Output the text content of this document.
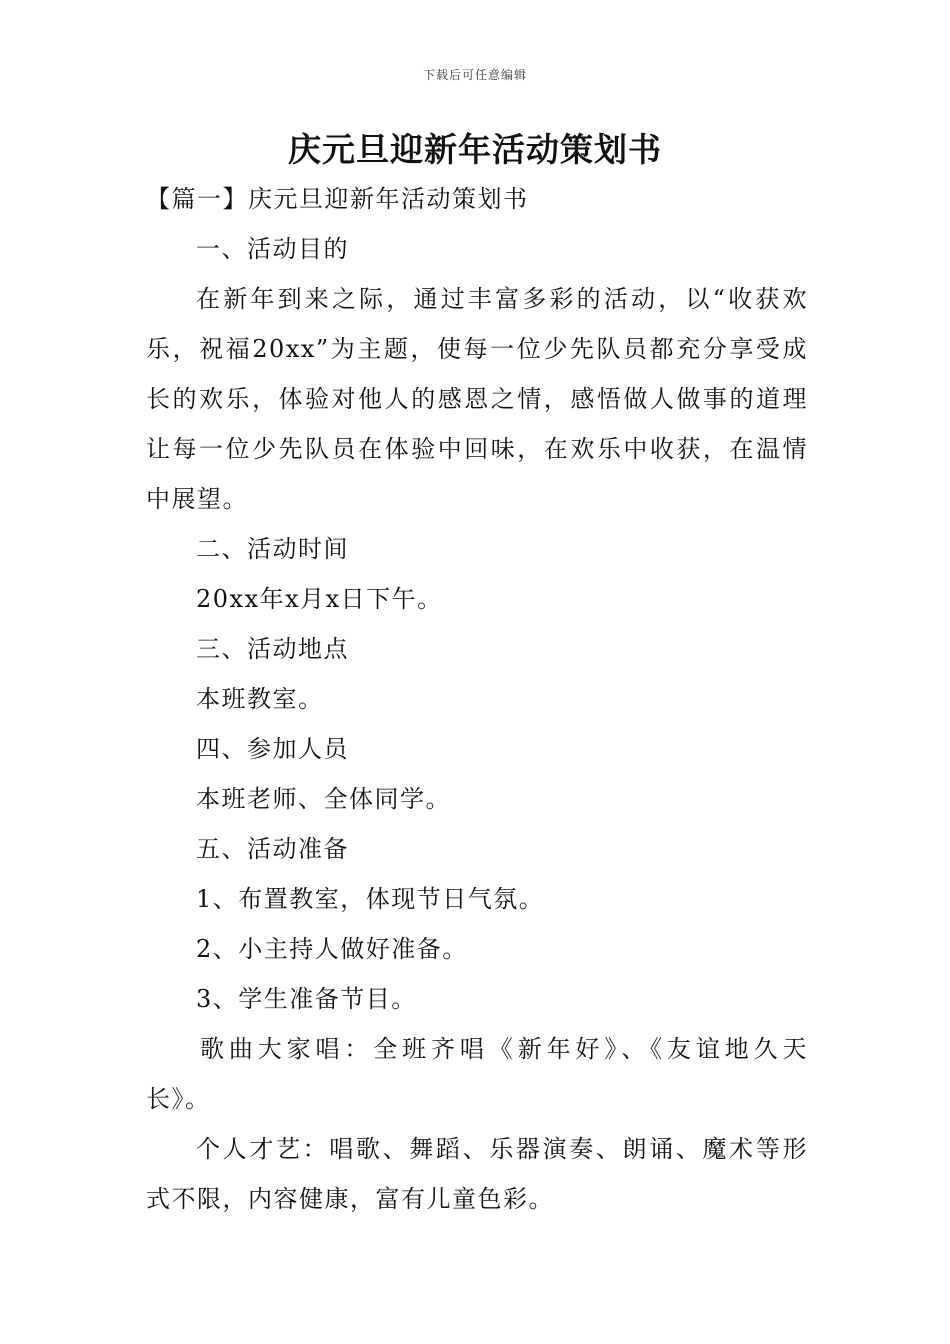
下载后可任意编辑
庆元旦迎新年活动策划书
【篇一】庆元旦迎新年活动策划书
一、活动目的
在新年到来之际，通过丰富多彩的活动，以“收获欢
乐，祝福20xx”为主题，使每一位少先队员都充分享受成
长的欢乐，体验对他人的感恩之情，感悟做人做事的道理
让每一位少先队员在体验中回味，在欢乐中收获，在温情
中展望。
二、活动时间
20xx年x月x日下午。
三、活动地点
本班教室。
四、参加人员
本班老师、全体同学。
五、活动准备
1、布置教室，体现节日气氛。
2、小主持人做好准备。
3、学生准备节目。
歌曲大家唱：全班齐唱《新年好》、《友谊地久天
长》。
个人才艺：唱歌、舞蹈、乐器演奏、朗诵、魔术等形
式不限，内容健康，富有儿童色彩。
